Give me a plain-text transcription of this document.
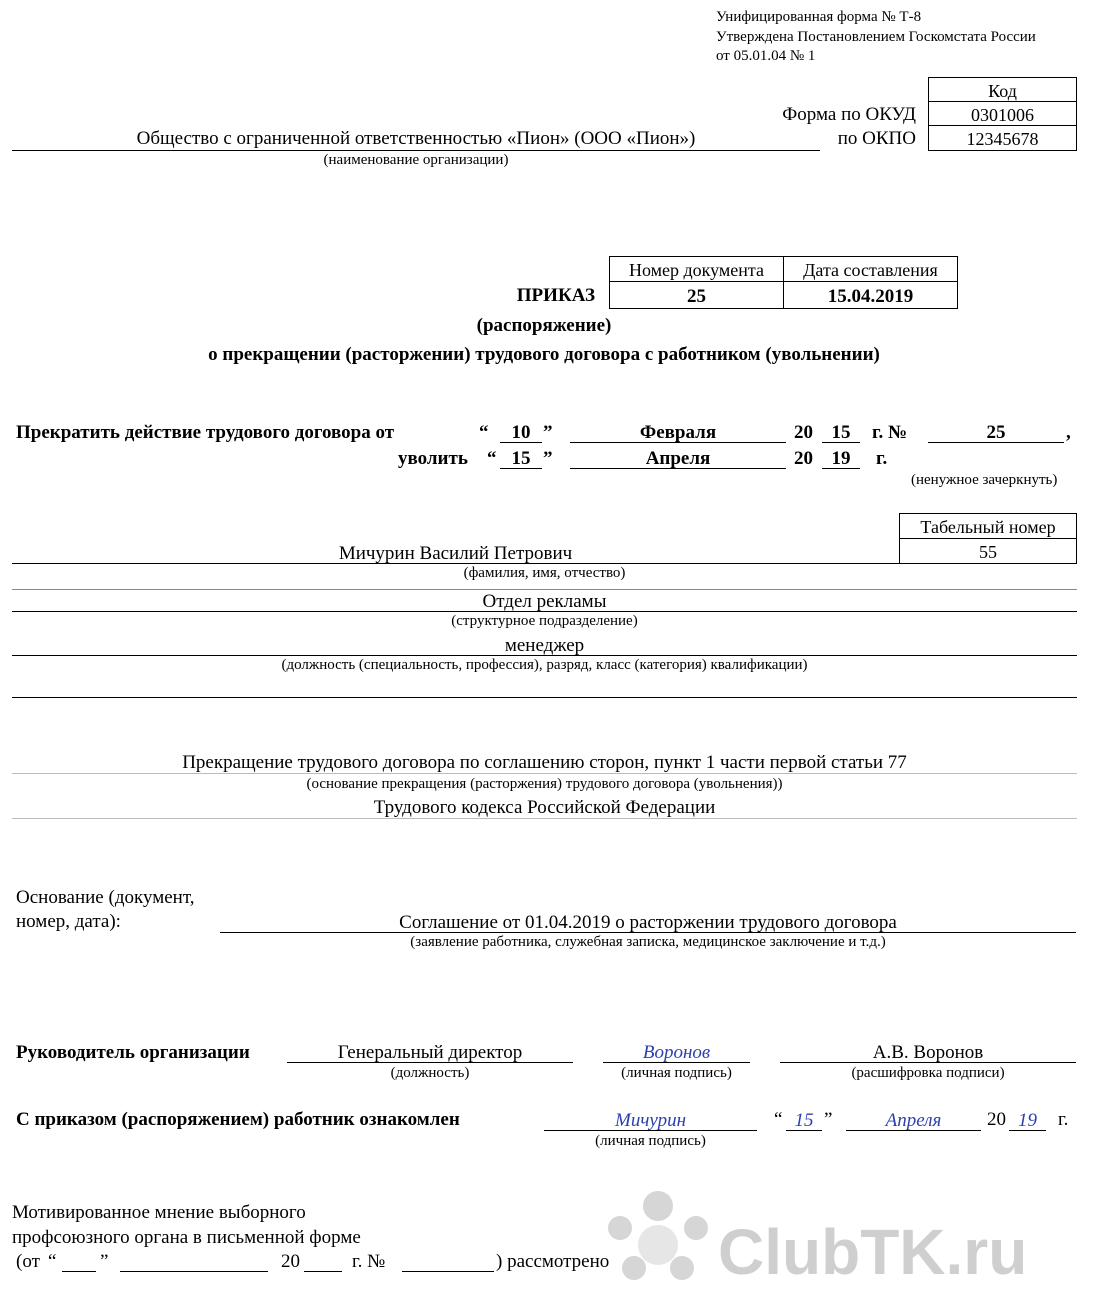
Унифицированная форма № Т-8
Утверждена Постановлением Госкомстата России
от 05.01.04 № 1
Код
0301006
12345678
Форма по ОКУД
по ОКПО
Общество с ограниченной ответственностью «Пион» (ООО «Пион»)
(наименование организации)
Номер документа	Дата составления
25	15.04.2019
ПРИКАЗ
(распоряжение)
о прекращении (расторжении) трудового договора с работником (увольнении)
Прекратить действие трудового договора от	“	10 ”	Февраля	20 15	г. №	25	,
уволить “ 15 ”	Апреля	20 19	г.
(ненужное зачеркнуть)
Табельный номер
55
Мичурин Василий Петрович
(фамилия, имя, отчество)
Отдел рекламы
(структурное подразделение)
менеджер
(должность (специальность, профессия), разряд, класс (категория) квалификации)
Прекращение трудового договора по соглашению сторон, пункт 1 части первой статьи 77
(основание прекращения (расторжения) трудового договора (увольнения))
Трудового кодекса Российской Федерации
Основание (документ,
номер, дата):	Соглашение от 01.04.2019 о расторжении трудового договора
(заявление работника, служебная записка, медицинское заключение и т.д.)
Руководитель организации	Генеральный директор
(должность)
Воронов
(личная подпись)
А.В. Воронов
(расшифровка подписи)
С приказом (распоряжением) работник ознакомлен	Мичурин
(личная подпись)
“ 15 ”	Апреля	20 19	г.
Мотивированное мнение выборного
профсоюзного органа в письменной форме
(от “ ”	20	г. №	) рассмотрено ClubTK.ru
